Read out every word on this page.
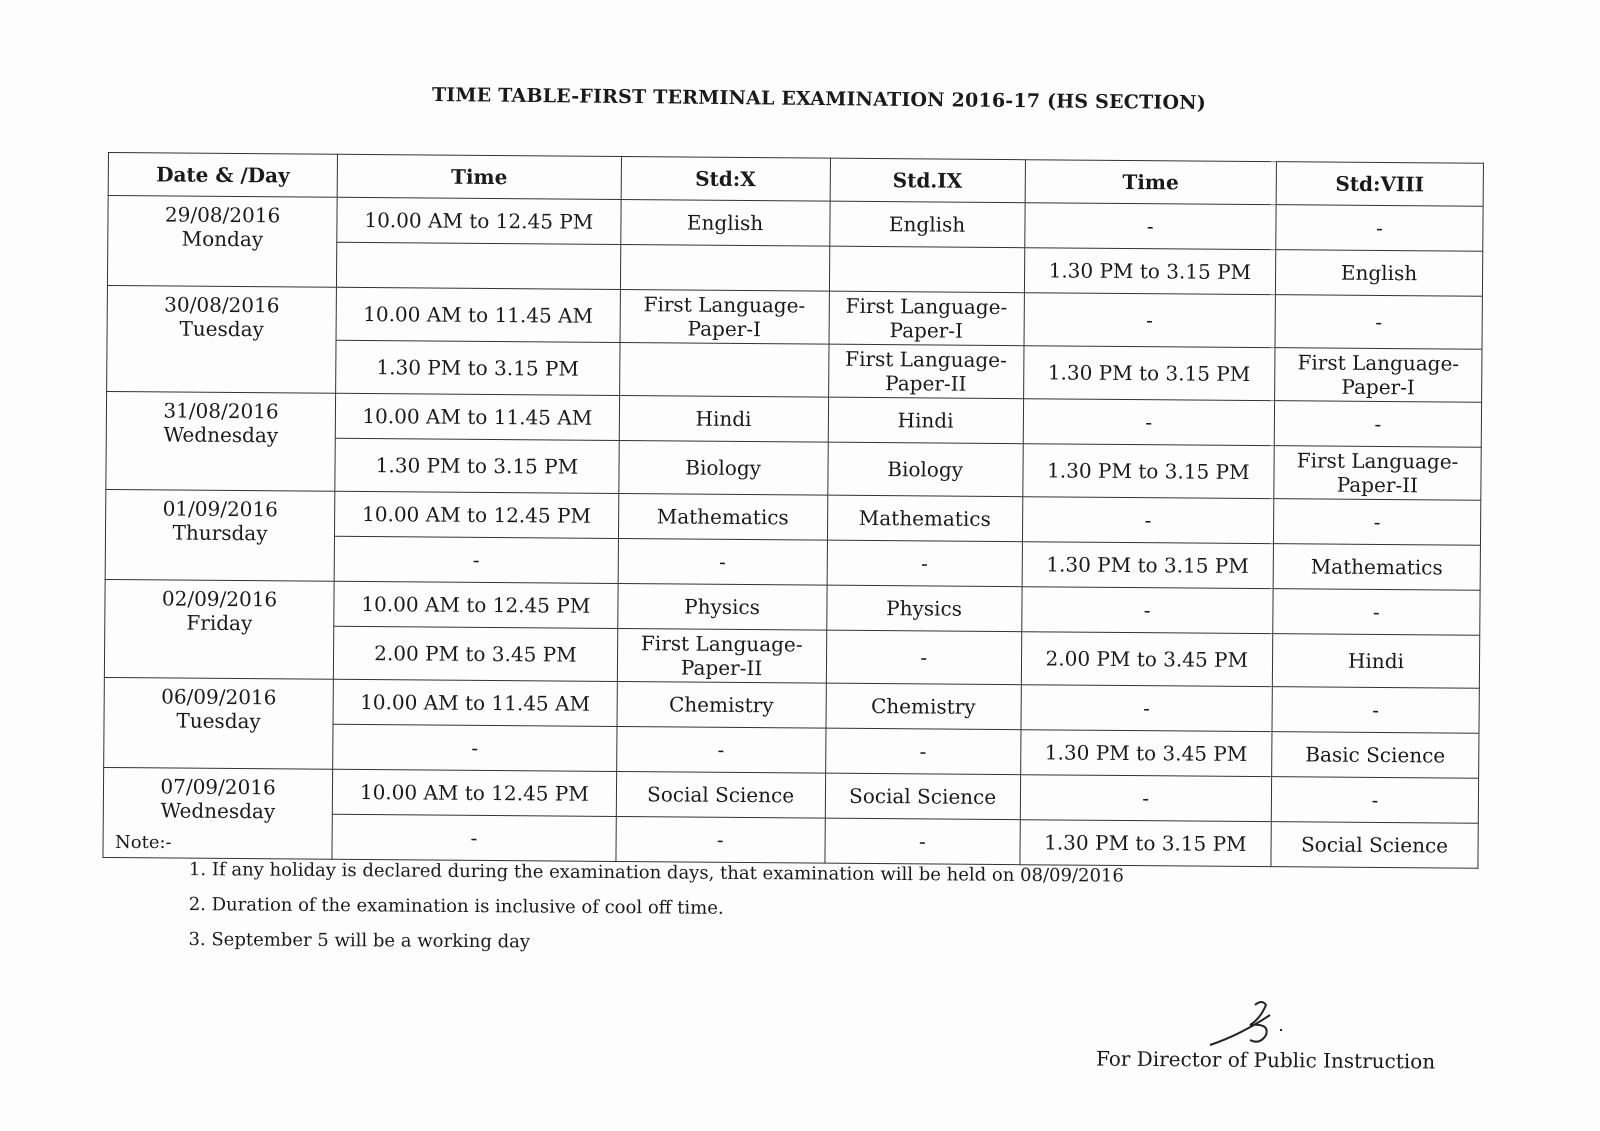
TIME TABLE-FIRST TERMINAL EXAMINATION 2016-17 (HS SECTION)
Date & /Day	Time	Std:X	Std.IX	Time	Std:VIII

29/08/2016
Monday	10.00 AM to 12.45 PM	English	English	-	-
				1.30 PM to 3.15 PM	English

30/08/2016
Tuesday	10.00 AM to 11.45 AM	First Language-Paper-I	First Language-Paper-I	-	-
	1.30 PM to 3.15 PM		First Language-Paper-II	1.30 PM to 3.15 PM	First Language-Paper-I

31/08/2016
Wednesday	10.00 AM to 11.45 AM	Hindi	Hindi	-	-
	1.30 PM to 3.15 PM	Biology	Biology	1.30 PM to 3.15 PM	First Language-Paper-II

01/09/2016
Thursday	10.00 AM to 12.45 PM	Mathematics	Mathematics	-	-
	-	-	-	1.30 PM to 3.15 PM	Mathematics

02/09/2016
Friday	10.00 AM to 12.45 PM	Physics	Physics	-	-
	2.00 PM to 3.45 PM	First Language-Paper-II	-	2.00 PM to 3.45 PM	Hindi

06/09/2016
Tuesday	10.00 AM to 11.45 AM	Chemistry	Chemistry	-	-
	-	-	-	1.30 PM to 3.45 PM	Basic Science

07/09/2016
Wednesday	10.00 AM to 12.45 PM	Social Science	Social Science	-	-
	-	-	-	1.30 PM to 3.15 PM	Social Science
Note:-
1. If any holiday is declared during the examination days, that examination will be held on 08/09/2016
2. Duration of the examination is inclusive of cool off time.
3. September 5 will be a working day
For Director of Public Instruction
